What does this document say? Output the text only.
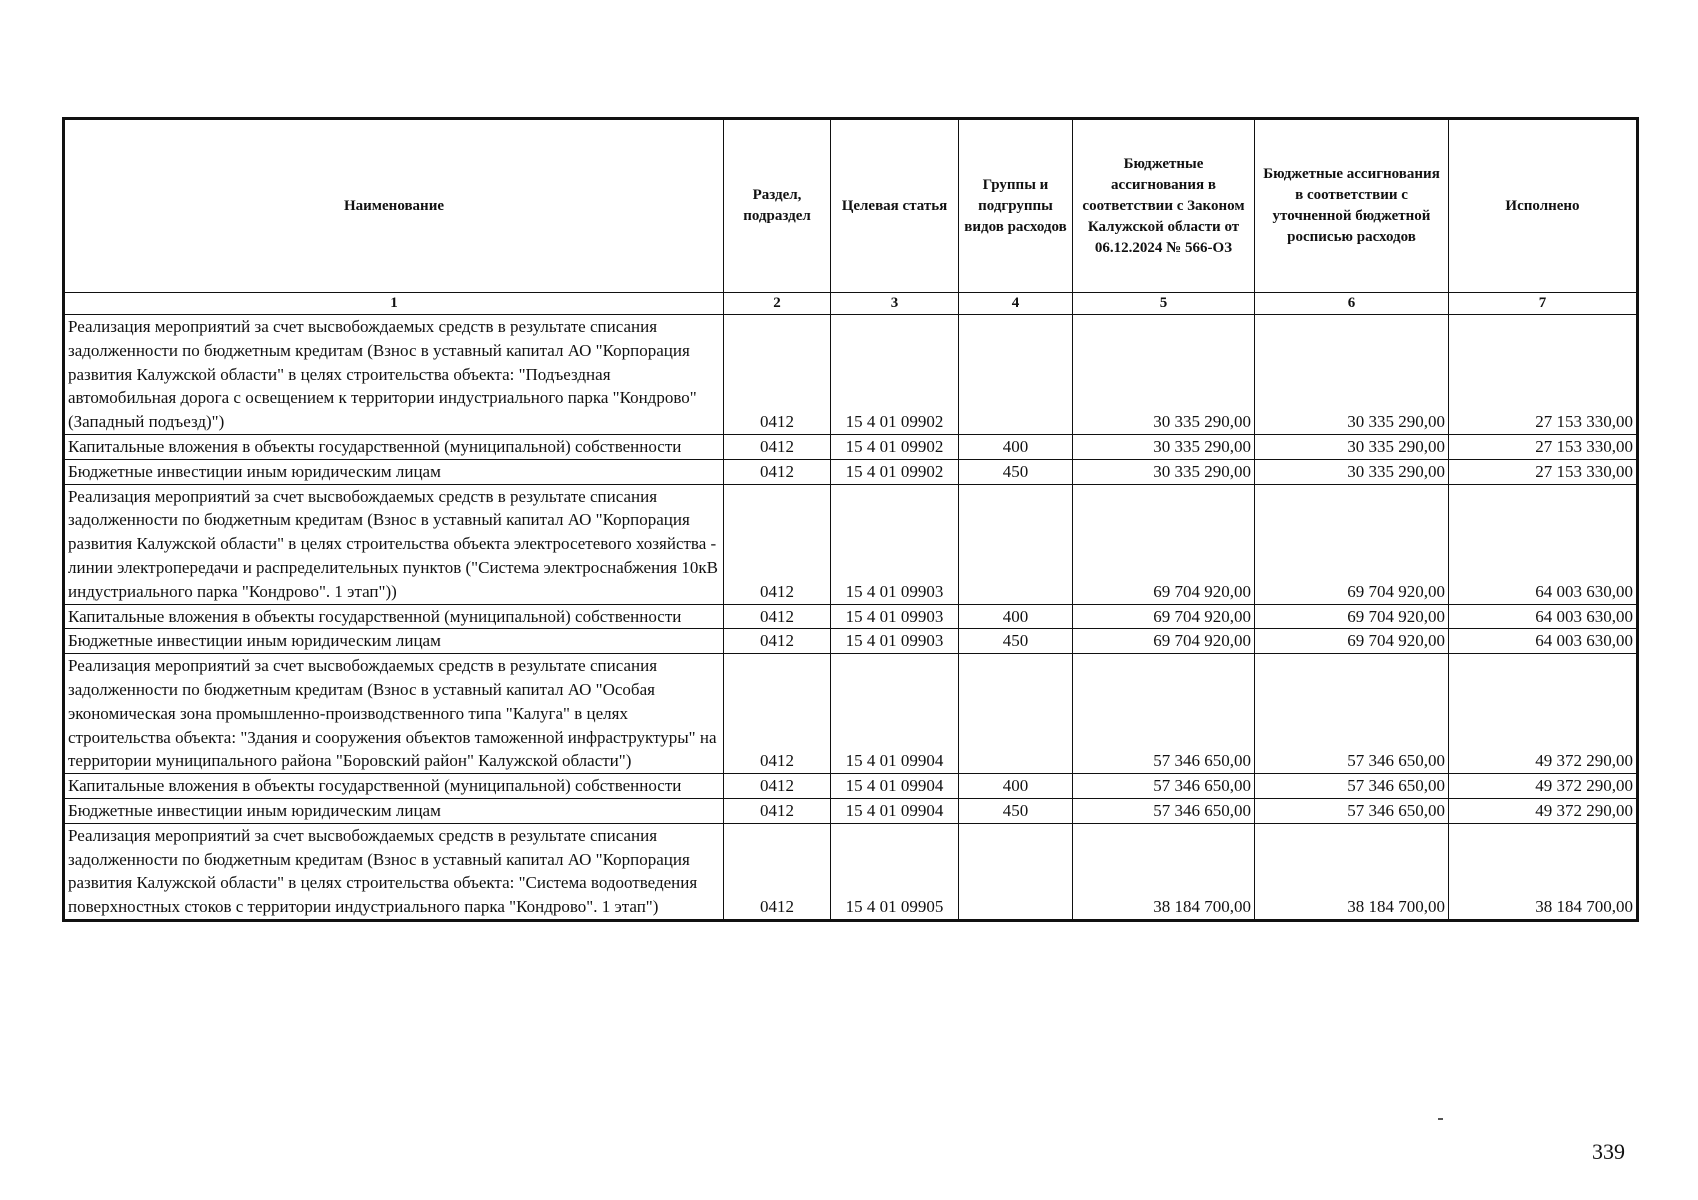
Наименование	Раздел, подраздел	Целевая статья	Группы и подгруппы видов расходов	Бюджетные ассигнования в соответствии с Законом Калужской области от 06.12.2024 № 566-ОЗ	Бюджетные ассигнования в соответствии с уточненной бюджетной росписью расходов	Исполнено
1	2	3	4	5	6	7
Реализация мероприятий за счет высвобождаемых средств в результате списания задолженности по бюджетным кредитам (Взнос в уставный капитал АО "Корпорация развития Калужской области" в целях строительства объекта: "Подъездная автомобильная дорога с освещением к территории индустриального парка "Кондрово" (Западный подъезд)")	0412	15 4 01 09902		30 335 290,00	30 335 290,00	27 153 330,00
Капитальные вложения в объекты государственной (муниципальной) собственности	0412	15 4 01 09902	400	30 335 290,00	30 335 290,00	27 153 330,00
Бюджетные инвестиции иным юридическим лицам	0412	15 4 01 09902	450	30 335 290,00	30 335 290,00	27 153 330,00
Реализация мероприятий за счет высвобождаемых средств в результате списания задолженности по бюджетным кредитам (Взнос в уставный капитал АО "Корпорация развития Калужской области" в целях строительства объекта электросетевого хозяйства - линии электропередачи и распределительных пунктов ("Система электроснабжения 10кВ индустриального парка "Кондрово". 1 этап"))	0412	15 4 01 09903		69 704 920,00	69 704 920,00	64 003 630,00
Капитальные вложения в объекты государственной (муниципальной) собственности	0412	15 4 01 09903	400	69 704 920,00	69 704 920,00	64 003 630,00
Бюджетные инвестиции иным юридическим лицам	0412	15 4 01 09903	450	69 704 920,00	69 704 920,00	64 003 630,00
Реализация мероприятий за счет высвобождаемых средств в результате списания задолженности по бюджетным кредитам (Взнос в уставный капитал АО "Особая экономическая зона промышленно-производственного типа "Калуга" в целях строительства объекта: "Здания и сооружения объектов таможенной инфраструктуры" на территории муниципального района "Боровский район" Калужской области")	0412	15 4 01 09904		57 346 650,00	57 346 650,00	49 372 290,00
Капитальные вложения в объекты государственной (муниципальной) собственности	0412	15 4 01 09904	400	57 346 650,00	57 346 650,00	49 372 290,00
Бюджетные инвестиции иным юридическим лицам	0412	15 4 01 09904	450	57 346 650,00	57 346 650,00	49 372 290,00
Реализация мероприятий за счет высвобождаемых средств в результате списания задолженности по бюджетным кредитам (Взнос в уставный капитал АО "Корпорация развития Калужской области" в целях строительства объекта: "Система водоотведения поверхностных стоков с территории индустриального парка "Кондрово". 1 этап")	0412	15 4 01 09905		38 184 700,00	38 184 700,00	38 184 700,00
339
